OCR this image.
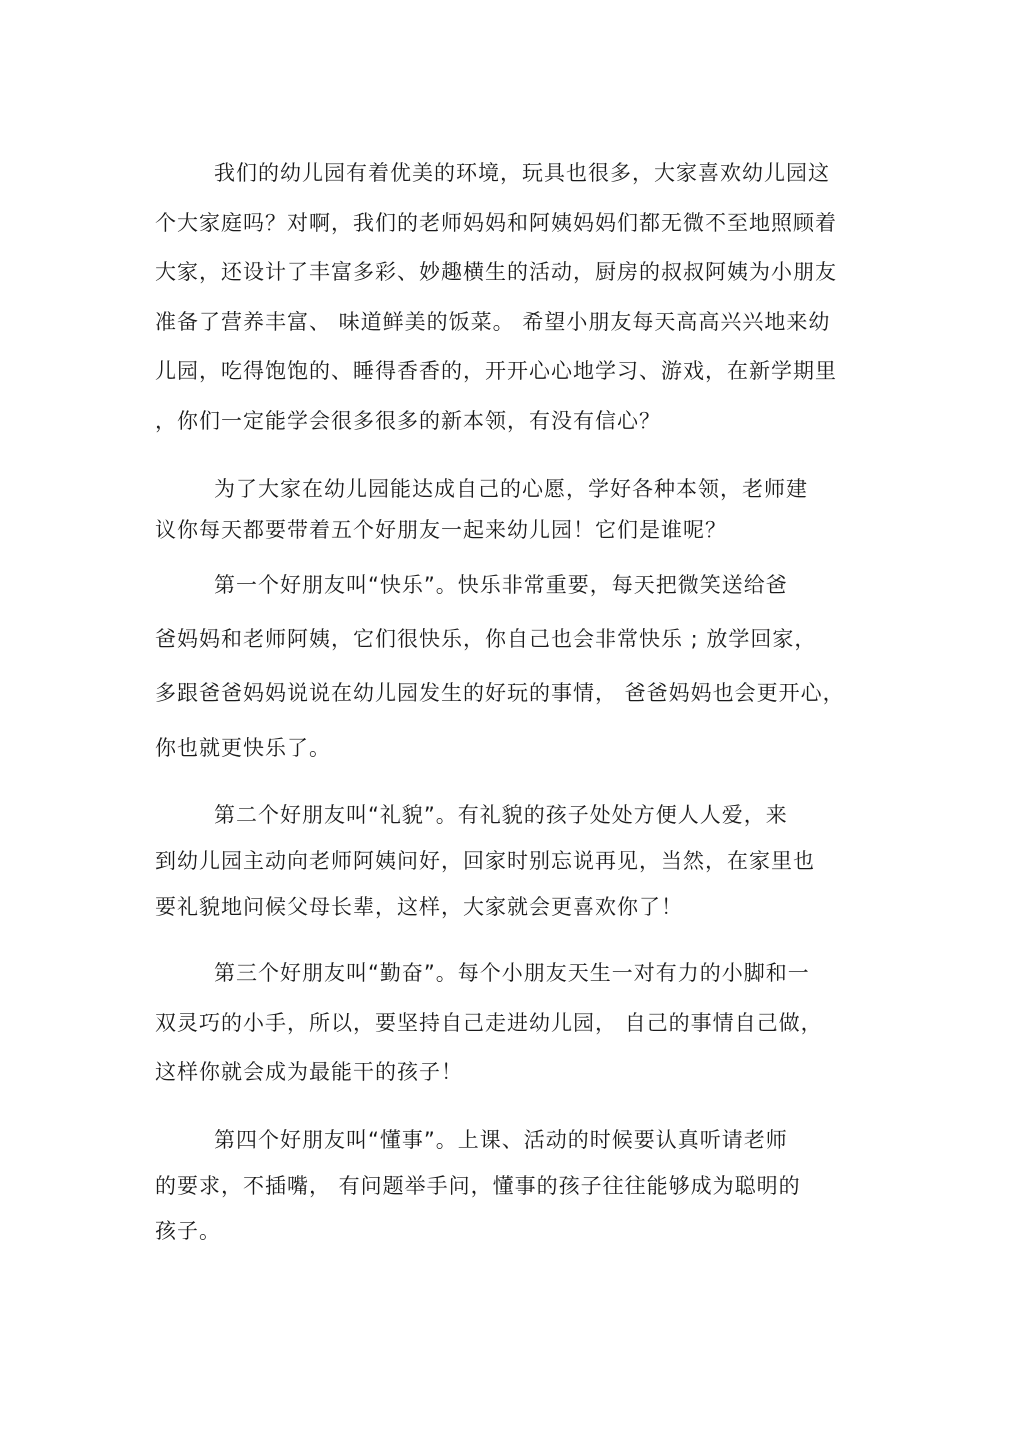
我们的幼儿园有着优美的环境，玩具也很多，大家喜欢幼儿园这

个大家庭吗？对啊，我们的老师妈妈和阿姨妈妈们都无微不至地照顾着

大家，还设计了丰富多彩、妙趣横生的活动，厨房的叔叔阿姨为小朋友

准备了营养丰富、 味道鲜美的饭菜。 希望小朋友每天高高兴兴地来幼

儿园，吃得饱饱的、睡得香香的，开开心心地学习、游戏，在新学期里

，你们一定能学会很多很多的新本领，有没有信心？

为了大家在幼儿园能达成自己的心愿，学好各种本领，老师建

议你每天都要带着五个好朋友一起来幼儿园！它们是谁呢？

第一个好朋友叫“快乐”。快乐非常重要，每天把微笑送给爸

爸妈妈和老师阿姨，它们很快乐，你自己也会非常快乐 ; 放学回家，

多跟爸爸妈妈说说在幼儿园发生的好玩的事情， 爸爸妈妈也会更开心，

你也就更快乐了。

第二个好朋友叫“礼貌”。有礼貌的孩子处处方便人人爱，来

到幼儿园主动向老师阿姨问好，回家时别忘说再见，当然，在家里也

要礼貌地问候父母长辈，这样，大家就会更喜欢你了！

第三个好朋友叫“勤奋”。每个小朋友天生一对有力的小脚和一

双灵巧的小手，所以，要坚持自己走进幼儿园， 自己的事情自己做，

这样你就会成为最能干的孩子！

第四个好朋友叫“懂事”。上课、活动的时候要认真听请老师

的要求，不插嘴， 有问题举手问，懂事的孩子往往能够成为聪明的

孩子。
